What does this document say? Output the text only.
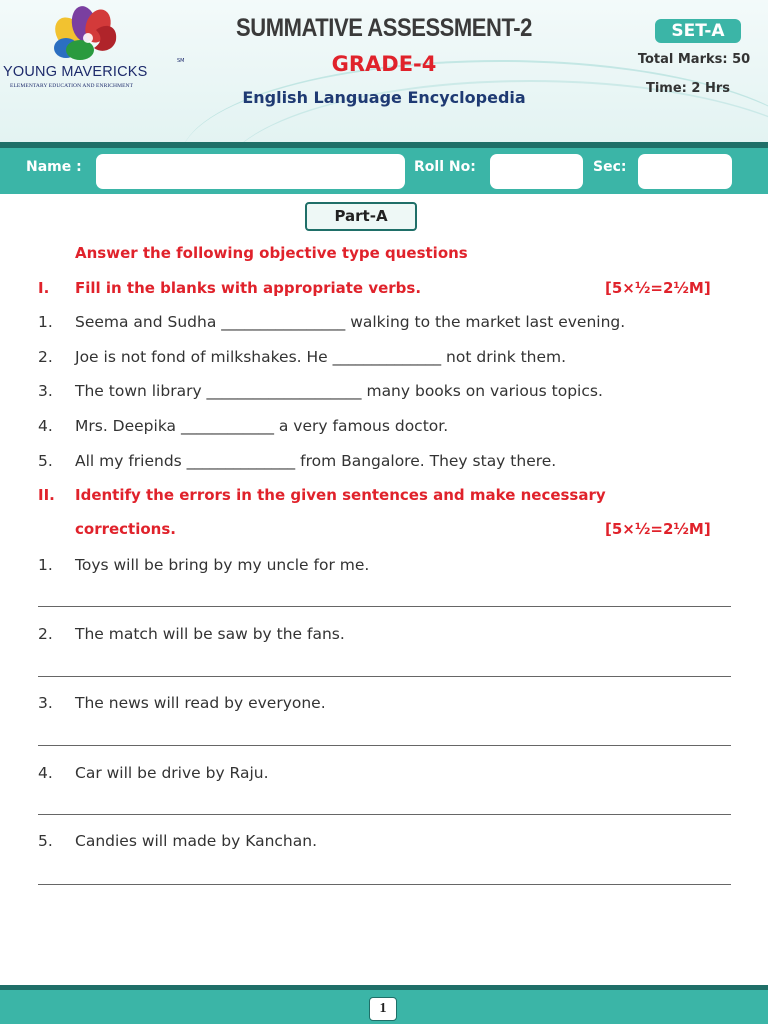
YOUNG MAVERICKS
SM
ELEMENTARY EDUCATION AND ENRICHMENT
SUMMATIVE ASSESSMENT-2
GRADE-4
English Language Encyclopedia
SET-A
Total Marks: 50
Time: 2 Hrs
Name :	Roll No:	Sec:
Part-A
Answer the following objective type questions
I. Fill in the blanks with appropriate verbs.	[5×½=2½M]
1. Seema and Sudha ________________ walking to the market last evening.
2. Joe is not fond of milkshakes. He ______________ not drink them.
3. The town library ____________________ many books on various topics.
4. Mrs. Deepika ____________ a very famous doctor.
5. All my friends ______________ from Bangalore. They stay there.
II. Identify the errors in the given sentences and make necessary
corrections.	[5×½=2½M]
1. Toys will be bring by my uncle for me.
2. The match will be saw by the fans.
3. The news will read by everyone.
4. Car will be drive by Raju.
5. Candies will made by Kanchan.
1
